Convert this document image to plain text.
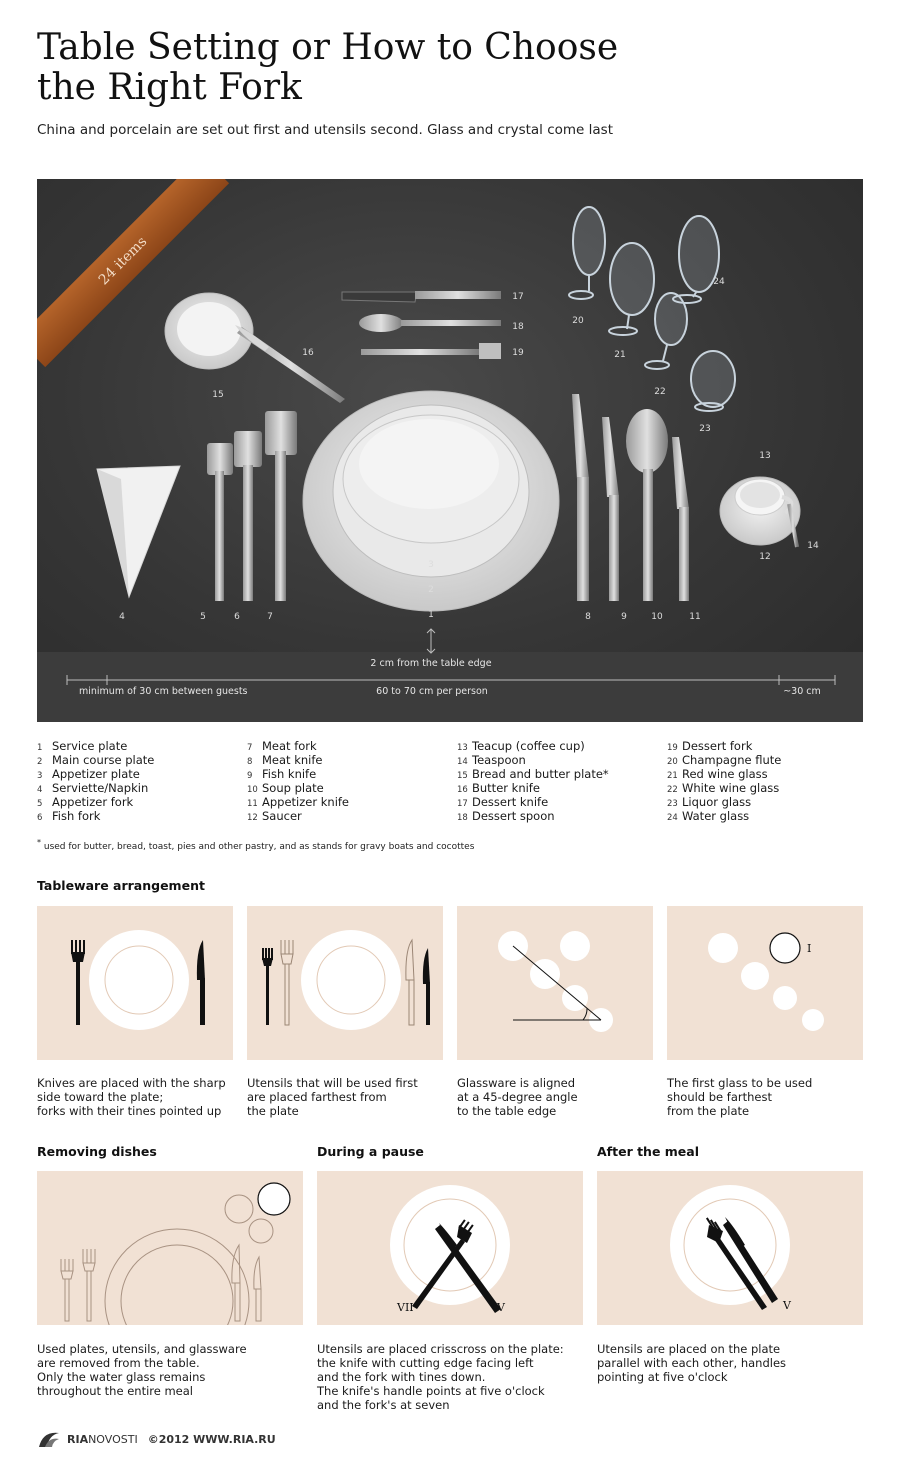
Table Setting or How to Choose
the Right Fork
China and porcelain are set out first and utensils second. Glass and crystal come last
24 items
1
2
3
4	5	6	7	8	9	10	11
12
13
14
15
16
17
18
19
20
21
22
23
24
2 cm from the table edge
minimum of 30 cm between guests	60 to 70 cm per person	~30 cm
1 Service plate
2 Main course plate
3 Appetizer plate
4 Serviette/Napkin
5 Appetizer fork
6 Fish fork
7 Meat fork
8 Meat knife
9 Fish knife
10 Soup plate
11 Appetizer knife
12 Saucer
13 Teacup (coffee cup)
14 Teaspoon
15 Bread and butter plate*
16 Butter knife
17 Dessert knife
18 Dessert spoon
19 Dessert fork
20 Champagne flute
21 Red wine glass
22 White wine glass
23 Liquor glass
24 Water glass
* used for butter, bread, toast, pies and other pastry, and as stands for gravy boats and cocottes
Tableware arrangement
I
Knives are placed with the sharp
side toward the plate;
forks with their tines pointed up
Utensils that will be used first
are placed farthest from
the plate
Glassware is aligned
at a 45-degree angle
to the table edge
The first glass to be used
should be farthest
from the plate
Removing dishes	During a pause	After the meal
VII	V	V
Used plates, utensils, and glassware
are removed from the table.
Only the water glass remains
throughout the entire meal
Utensils are placed crisscross on the plate:
the knife with cutting edge facing left
and the fork with tines down.
The knife's handle points at five o'clock
and the fork's at seven
Utensils are placed on the plate
parallel with each other, handles
pointing at five o'clock
RIANOVOSTI ©2012 WWW.RIA.RU
